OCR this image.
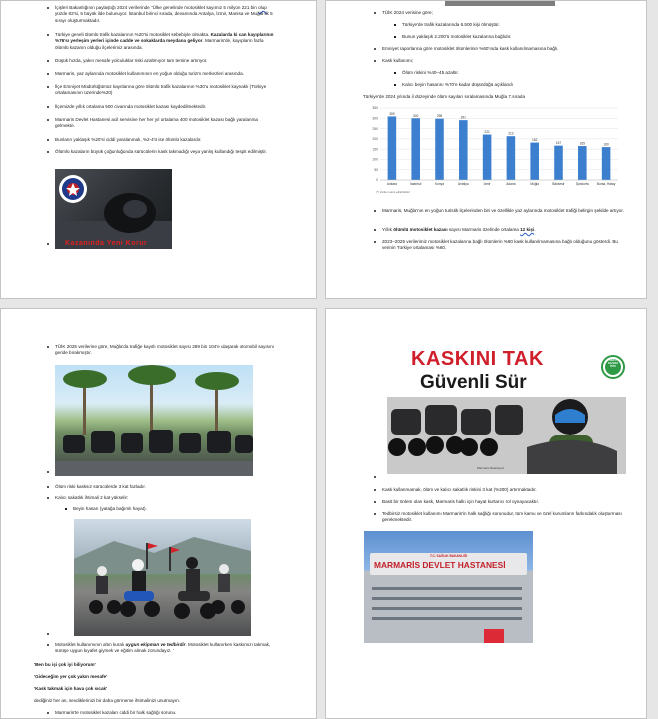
İçişleri Bakanlığının paylaştığı 2024 verilerinde "Ülke genelinde motosiklet sayımız 5 milyon 221 bin olup yüzde 82'si, 5 büyük ilde bulunuyor. İstanbul birinci sırada, devamında Antalya, İzmir, Manisa ve Muğla ilk 5 sırayı oluşturmaktadır.
Türkiye geneli ölümlü trafik kazalarının %20'si motosiklet sebebiyle olmakta. Kazalarda ki can kayıplarının %76'sı yerleşim yerleri içinde cadde ve sokaklarda meydana geliyor. Marmaris'de, kayıpların fazla ölümlü kazanın olduğu ilçelerimiz arasında.
Düşük hızda, yakın mesafe yolculuklar riski azaltmıyor tam tersine artırıyor.
Marmaris, yaz aylarında motosiklet kullanımının en yoğun olduğu turizm merkezleri arasında.
İlçe Emniyet Müdürlüğümüz kayıtlarına göre ölümlü trafik kazalarının %30'u motosiklet kaynaklı (Türkiye ortalamasının üzerinde%20)
İlçemizde yıllık ortalama 500 civarında motosiklet kazası kaydedilmektedir.
Marmaris Devlet Hastanesi acil servisine her her yıl ortalama 400 motosiklet kazası bağlı yaralanma gelmekte.
Bunların yaklaşık %20'si ciddi yaralanmalı, %2-4'ü ise ölümlü kazalardır.
Ölümlü kazaların büyük çoğunluğunda sürücülerin kask takmadığı veya yanlış kullandığı tespit edilmiştir.
Kazanında Yeni Korur
TÜİK 2024 verisine göre;
Türkiye'de trafik kazalarında 6.500 kişi ölmüştür.
Bunun yaklaşık 2.200'ü motosiklet kazalarına bağlıdır.
Emniyet raporlarına göre motosiklet ölümlerinin %60'ında kask kullanılmamasına bağlı.
Kask kullanımı;
Ölüm riskini %40–45 azaltır.
Kalıcı beyin hasarını %70'e kadar düşürdüğü açıklandı
Türkiye'de 2024 yılında il düzeyinde ölüm sayıları sıralamasında Muğla 7.sırada
0
50
100
150
200
250
300
350
309
Ankara
300
İstanbul
298
Konya
291
Antalya
221
İzmir
213
Adana
182
Muğla
167
Balıkesir
165
Şanlıurfa
160
Bursa, Hatay
(*) Veriler resmi editörlüktür
Marmaris, Muğla'nın en yoğun turistik ilçelerinden biri ve özellikle yaz aylarında motosiklet trafiği belirgin şekilde artıyor.
Yıllık ölümlü motosiklet kazası sayısı Marmaris özelinde ortalama 12 kişi.
2023–2025 verilerimiz motosiklet kazalarına bağlı ölümlerin %80 kask kullanılmamasına bağlı olduğunu gösterdi. Bu verinin Türkiye ortalaması %60.
TÜİK 2025 verilerine göre, Muğla'da trafiğe kayıtlı motosiklet sayısı 289 bin 104'e ulaşarak otomobil sayısını geride bırakmıştır.
Ölüm riski kasksız sürücülerde 3 kat fazladır.
Kalıcı sakatlık ihtimali 2 kat yükselir:
Beyin hasarı (yatağa bağımlı hayat).
Motosiklet kullanımının altın kuralı uygun ekipman ve tedbirdir. Motosiklet kullanırken kaskımızı takmak, sürüşe uygun kıyafet giymek ve eğitim almak zorundayız. '
'Ben bu işi çok iyi biliyorum'
'Gideceğim yer çok yakın mesafe'
'Kask takmak için hava çok sıcak'
dediğiniz her an, sevdiklerinizi bir daha görmeme ihtimalinizi unutmayın.
Marmaris'te motosiklet kazaları ciddi bir halk sağlığı sorunu.
KASKINI TAK
Güvenli Sür
HER 3 KAZADA İTİYE
Marmaris Belediyesi
Kask kullanmamak, ölüm ve kalıcı sakatlık riskini 3 kat (%300) artırmaktadır.
Basit bir önlem olan kask, Marmaris halkı için hayat kurtarıcı rol oynayacaktır.
Tedbirsiz motosiklet kullanımı Marmaris'in halk sağlığı sorunudur, tüm kamu ve özel kurumların farkındalık oluşturması gerekmektedir.
T.C. SAĞLIK BAKANLIĞI
MARMARİS DEVLET HASTANESİ
